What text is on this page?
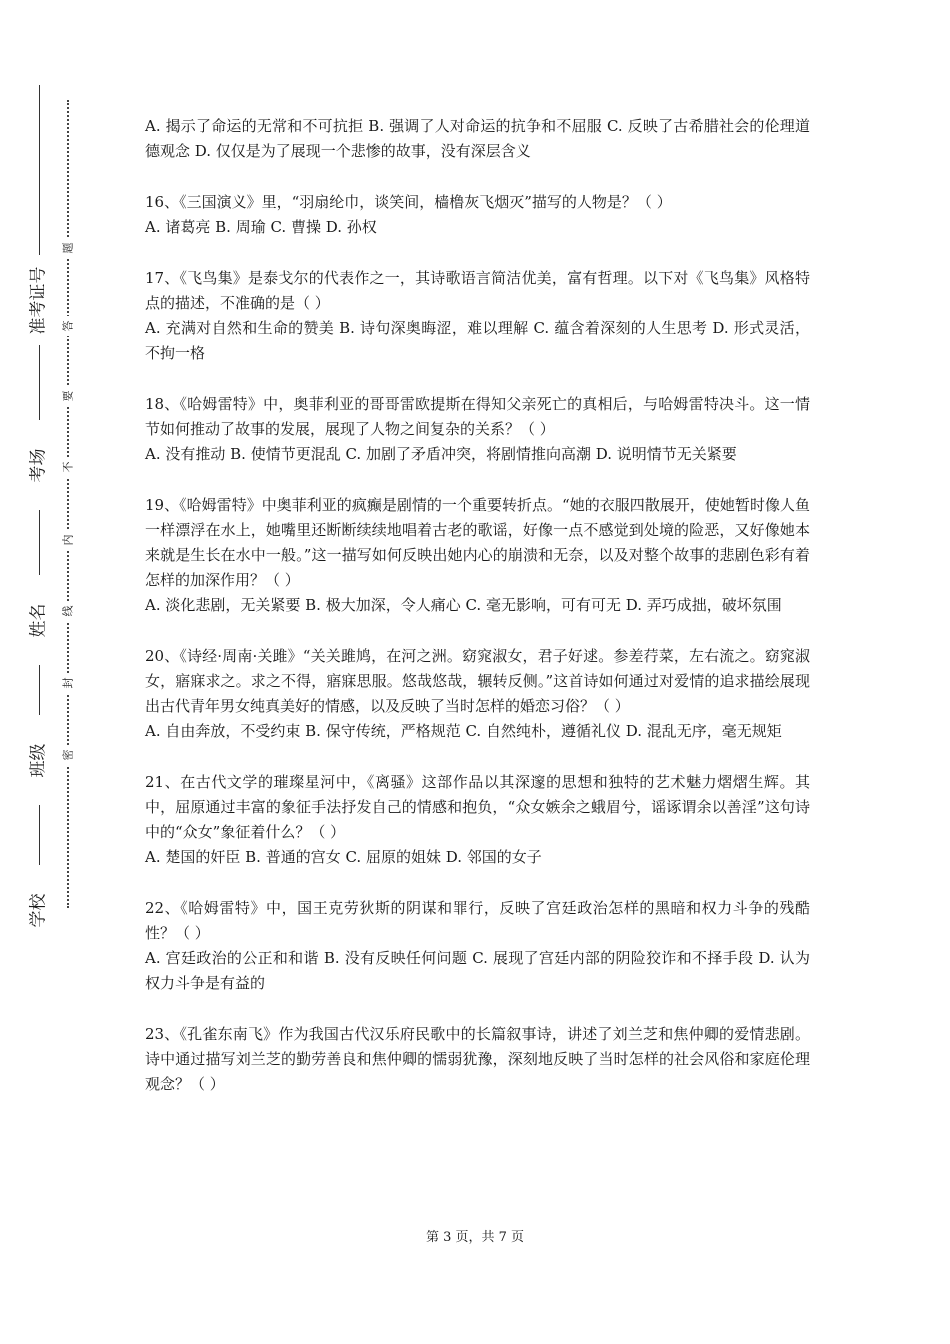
准考证号
考场
姓名
班级
学校
题
答
要
不
内
线
封
密

A. 揭示了命运的无常和不可抗拒 B. 强调了人对命运的抗争和不屈服 C. 反映了古希腊社会的伦理道德观念 D. 仅仅是为了展现一个悲惨的故事，没有深层含义

16、《三国演义》里，“羽扇纶巾，谈笑间，樯橹灰飞烟灭”描写的人物是？（ ）

A. 诸葛亮 B. 周瑜 C. 曹操 D. 孙权

17、《飞鸟集》是泰戈尔的代表作之一，其诗歌语言简洁优美，富有哲理。以下对《飞鸟集》风格特点的描述，不准确的是（ ）

A. 充满对自然和生命的赞美 B. 诗句深奥晦涩，难以理解 C. 蕴含着深刻的人生思考 D. 形式灵活，不拘一格

18、《哈姆雷特》中，奥菲利亚的哥哥雷欧提斯在得知父亲死亡的真相后，与哈姆雷特决斗。这一情节如何推动了故事的发展，展现了人物之间复杂的关系？（ ）

A. 没有推动 B. 使情节更混乱 C. 加剧了矛盾冲突，将剧情推向高潮 D. 说明情节无关紧要

19、《哈姆雷特》中奥菲利亚的疯癫是剧情的一个重要转折点。“她的衣服四散展开，使她暂时像人鱼一样漂浮在水上，她嘴里还断断续续地唱着古老的歌谣，好像一点不感觉到处境的险恶，又好像她本来就是生长在水中一般。”这一描写如何反映出她内心的崩溃和无奈，以及对整个故事的悲剧色彩有着怎样的加深作用？（ ）

A. 淡化悲剧，无关紧要 B. 极大加深，令人痛心 C. 毫无影响，可有可无 D. 弄巧成拙，破坏氛围

20、《诗经·周南·关雎》“关关雎鸠，在河之洲。窈窕淑女，君子好逑。参差荇菜，左右流之。窈窕淑女，寤寐求之。求之不得，寤寐思服。悠哉悠哉，辗转反侧。”这首诗如何通过对爱情的追求描绘展现出古代青年男女纯真美好的情感，以及反映了当时怎样的婚恋习俗？（ ）

A. 自由奔放，不受约束 B. 保守传统，严格规范 C. 自然纯朴，遵循礼仪 D. 混乱无序，毫无规矩

21、在古代文学的璀璨星河中，《离骚》这部作品以其深邃的思想和独特的艺术魅力熠熠生辉。其中，屈原通过丰富的象征手法抒发自己的情感和抱负，“众女嫉余之蛾眉兮，谣诼谓余以善淫”这句诗中的“众女”象征着什么？（ ）

A. 楚国的奸臣 B. 普通的宫女 C. 屈原的姐妹 D. 邻国的女子

22、《哈姆雷特》中，国王克劳狄斯的阴谋和罪行，反映了宫廷政治怎样的黑暗和权力斗争的残酷性？（ ）

A. 宫廷政治的公正和和谐 B. 没有反映任何问题 C. 展现了宫廷内部的阴险狡诈和不择手段 D. 认为权力斗争是有益的

23、《孔雀东南飞》作为我国古代汉乐府民歌中的长篇叙事诗，讲述了刘兰芝和焦仲卿的爱情悲剧。诗中通过描写刘兰芝的勤劳善良和焦仲卿的懦弱犹豫，深刻地反映了当时怎样的社会风俗和家庭伦理观念？（ ）

第 3 页，共 7 页
